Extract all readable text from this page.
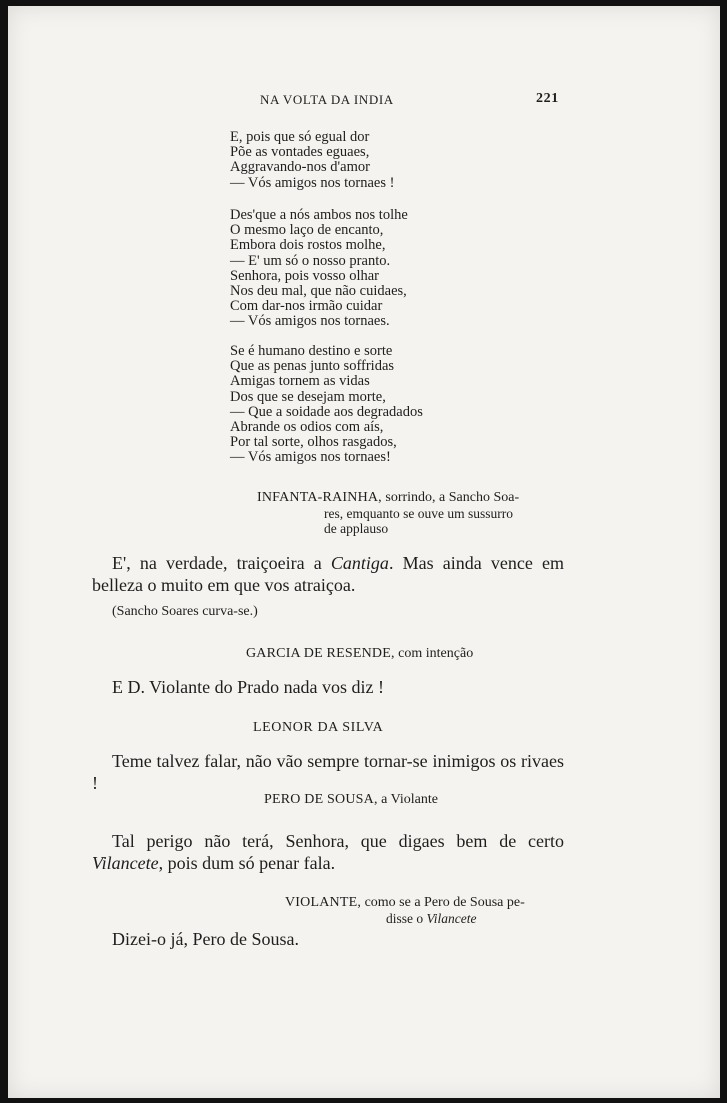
NA VOLTA DA INDIA	221
E, pois que só egual dor
Põe as vontades eguaes,
Aggravando-nos d'amor
— Vós amigos nos tornaes !
Des'que a nós ambos nos tolhe
O mesmo laço de encanto,
Embora dois rostos molhe,
— E' um só o nosso pranto.
Senhora, pois vosso olhar
Nos deu mal, que não cuidaes,
Com dar-nos irmão cuidar
— Vós amigos nos tornaes.
Se é humano destino e sorte
Que as penas junto soffridas
Amigas tornem as vidas
Dos que se desejam morte,
— Que a soidade aos degradados
Abrande os odios com aís,
Por tal sorte, olhos rasgados,
— Vós amigos nos tornaes!
INFANTA-RAINHA, sorrindo, a Sancho Soa-
res, emquanto se ouve um sussurro
de applauso

E', na verdade, traiçoeira a Cantiga. Mas ainda vence em belleza o muito em que vos atraiçoa.

(Sancho Soares curva-se.)
GARCIA DE RESENDE, com intenção
E D. Violante do Prado nada vos diz !
LEONOR DA SILVA

Teme talvez falar, não vão sempre tornar-se inimigos os rivaes !

PERO DE SOUSA, a Violante

Tal perigo não terá, Senhora, que digaes bem de certo Vilancete, pois dum só penar fala.

VIOLANTE, como se a Pero de Sousa pe-
disse o Vilancete
Dizei-o já, Pero de Sousa.
